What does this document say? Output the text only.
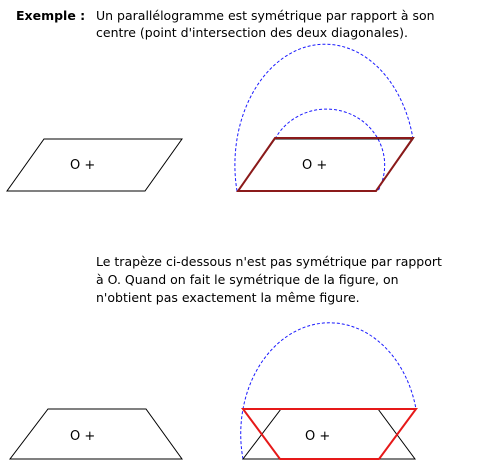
Exemple : Un parallélogramme est symétrique par rapport à son
centre (point d'intersection des deux diagonales).
Le trapèze ci-dessous n'est pas symétrique par rapport
à O. Quand on fait le symétrique de la figure, on
n'obtient pas exactement la même figure.
O +	O +
O +	O +
